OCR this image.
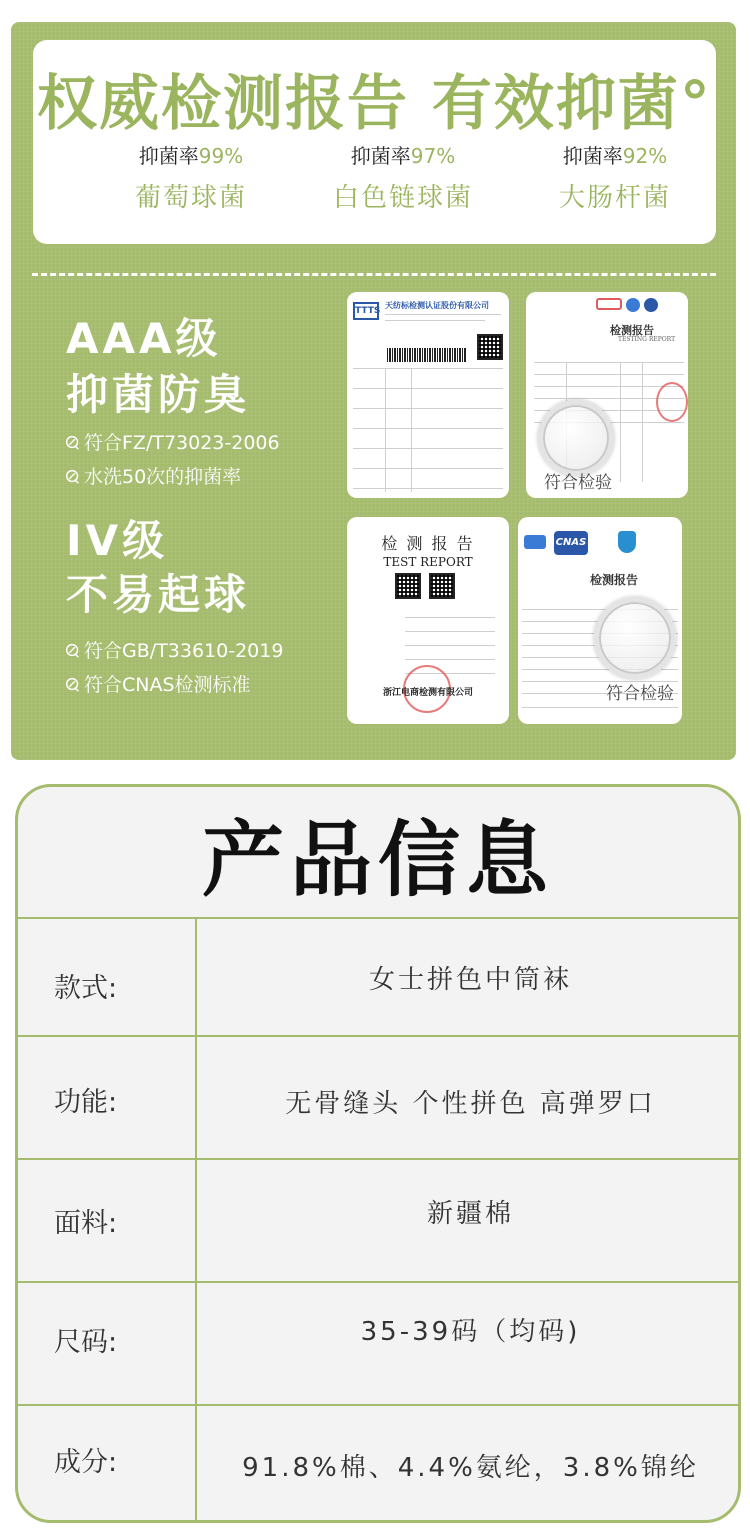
权威检测报告 有效抑菌°
抑菌率99%
葡萄球菌
抑菌率97%
白色链球菌
抑菌率92%
大肠杆菌
AAA级
抑菌防臭
符合FZ/T73023-2006
水洗50次的抑菌率
IV级
不易起球
符合GB/T33610-2019
符合CNAS检测标准
TTTS
天纺标检测认证股份有限公司
检测报告
TESTING REPORT
符合检验
检 测 报 告
TEST REPORT
浙江电商检测有限公司
CNAS
检测报告
符合检验
产品信息
款式:	女士拼色中筒袜
功能:	无骨缝头 个性拼色 高弹罗口
面料:	新疆棉
尺码:	35-39码（均码)
成分:	91.8%棉、4.4%氨纶，3.8%锦纶
